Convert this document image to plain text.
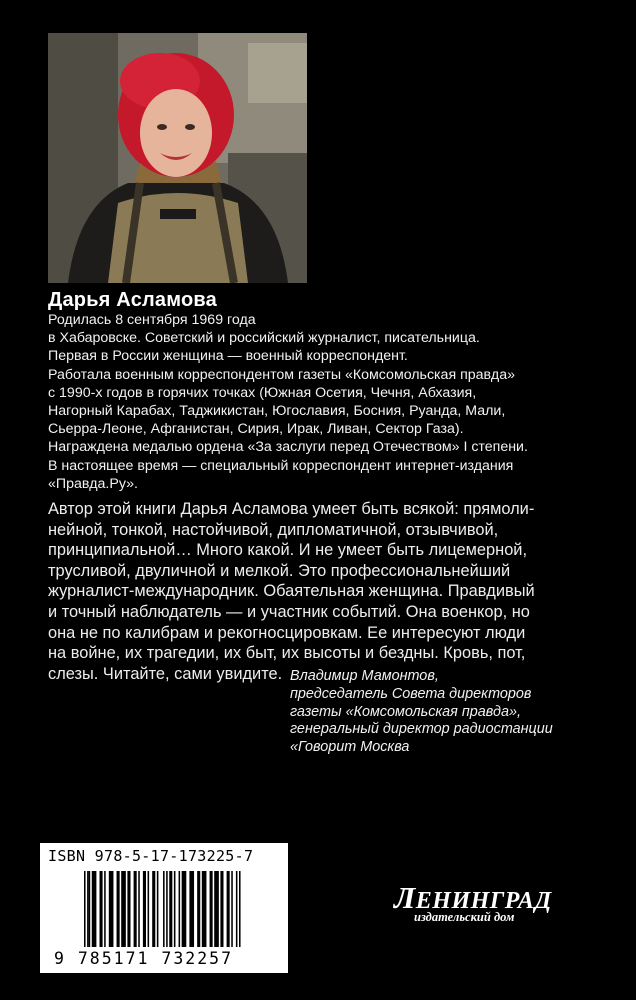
Дарья Асламова
Родилась 8 сентября 1969 года
в Хабаровске. Советский и российский журналист, писательница.
Первая в России женщина — военный корреспондент.
Работала военным корреспондентом газеты «Комсомольская правда»
с 1990-х годов в горячих точках (Южная Осетия, Чечня, Абхазия,
Нагорный Карабах, Таджикистан, Югославия, Босния, Руанда, Мали,
Сьерра-Леоне, Афганистан, Сирия, Ирак, Ливан, Сектор Газа).
Награждена медалью ордена «За заслуги перед Отечеством» I степени.
В настоящее время — специальный корреспондент интернет-издания
«Правда.Ру».
Автор этой книги Дарья Асламова умеет быть всякой: прямоли-
нейной, тонкой, настойчивой, дипломатичной, отзывчивой,
принципиальной… Много какой. И не умеет быть лицемерной,
трусливой, двуличной и мелкой. Это профессиональнейший
журналист-международник. Обаятельная женщина. Правдивый
и точный наблюдатель — и участник событий. Она военкор, но
она не по калибрам и рекогносцировкам. Ее интересуют люди
на войне, их трагедии, их быт, их высоты и бездны. Кровь, пот,
слезы. Читайте, сами увидите. Владимир Мамонтов,
председатель Совета директоров
газеты «Комсомольская правда»,
генеральный директор радиостанции
«Говорит Москва
ISBN 978-5-17-173225-7
9 785171 732257
ЛЕНИНГРАД
издательский дом
